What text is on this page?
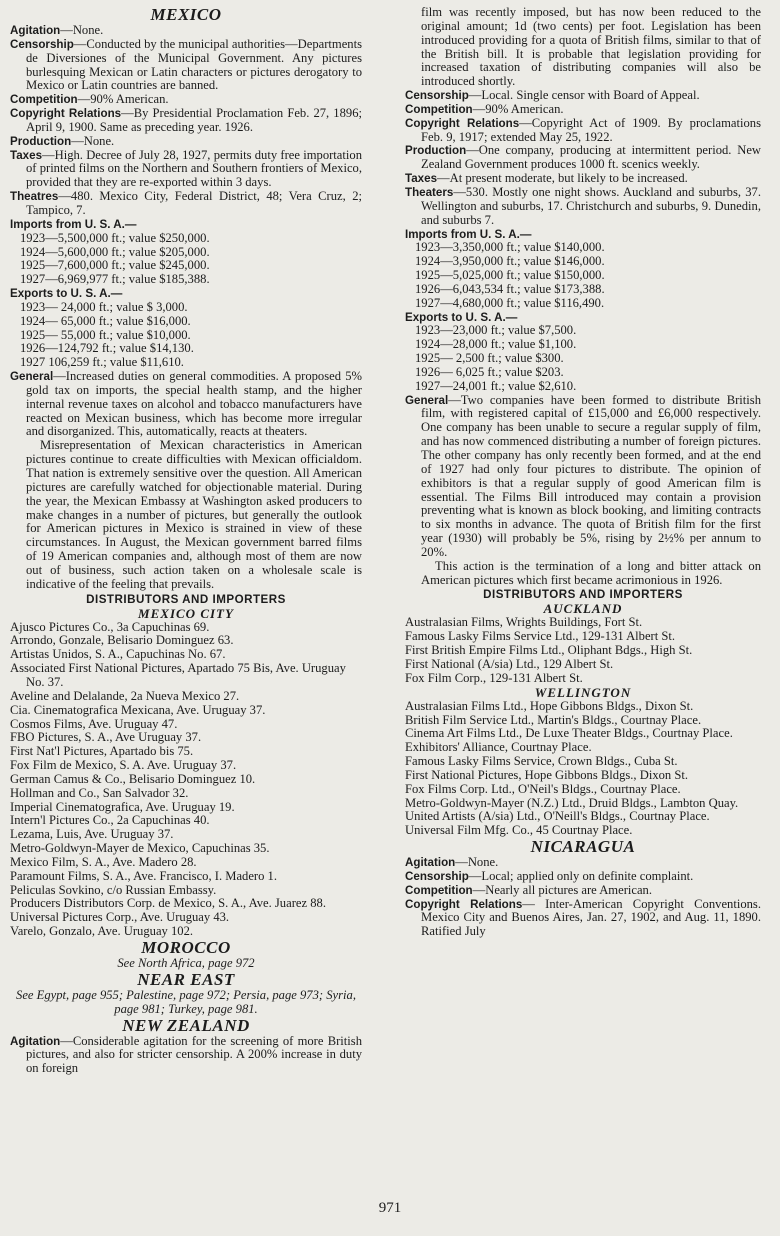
MEXICO

Agitation—None.

Censorship—Conducted by the municipal authorities—Departments de Diversiones of the Municipal Government. Any pictures burlesquing Mexican or Latin characters or pictures derogatory to Mexico or Latin countries are banned.

Competition—90% American.

Copyright Relations—By Presidential Proclamation Feb. 27, 1896; April 9, 1900. Same as preceding year. 1926.

Production—None.

Taxes—High. Decree of July 28, 1927, permits duty free importation of printed films on the Northern and Southern frontiers of Mexico, provided that they are re-exported within 3 days.

Theatres—480. Mexico City, Federal District, 48; Vera Cruz, 2; Tampico, 7.

Imports from U. S. A.—

1923—5,500,000 ft.; value $250,000.

1924—5,600,000 ft.; value $205,000.

1925—7,600,000 ft.; value $245,000.

1927—6,969,977 ft.; value $185,388.

Exports to U. S. A.—

1923— 24,000 ft.; value $ 3,000.

1924— 65,000 ft.; value $16,000.

1925— 55,000 ft.; value $10,000.

1926—124,792 ft.; value $14,130.

1927 106,259 ft.; value $11,610.

General—Increased duties on general commodities. A proposed 5% gold tax on imports, the special health stamp, and the higher internal revenue taxes on alcohol and tobacco manufacturers have reacted on Mexican business, which has become more irregular and disorganized. This, automatically, reacts at theaters.

Misrepresentation of Mexican characteristics in American pictures continue to create difficulties with Mexican officialdom. That nation is extremely sensitive over the question. All American pictures are carefully watched for objectionable material. During the year, the Mexican Embassy at Washington asked producers to make changes in a number of pictures, but generally the outlook for American pictures in Mexico is strained in view of these circumstances. In August, the Mexican government barred films of 19 American companies and, although most of them are now out of business, such action taken on a wholesale scale is indicative of the feeling that prevails.

DISTRIBUTORS AND IMPORTERS
MEXICO CITY

Ajusco Pictures Co., 3a Capuchinas 69.

Arrondo, Gonzale, Belisario Dominguez 63.

Artistas Unidos, S. A., Capuchinas No. 67.

Associated First National Pictures, Apartado 75 Bis, Ave. Uruguay No. 37.

Aveline and Delalande, 2a Nueva Mexico 27.

Cia. Cinematografica Mexicana, Ave. Uruguay 37.

Cosmos Films, Ave. Uruguay 47.

FBO Pictures, S. A., Ave Uruguay 37.

First Nat'l Pictures, Apartado bis 75.

Fox Film de Mexico, S. A. Ave. Uruguay 37.

German Camus & Co., Belisario Dominguez 10.

Hollman and Co., San Salvador 32.

Imperial Cinematografica, Ave. Uruguay 19.

Intern'l Pictures Co., 2a Capuchinas 40.

Lezama, Luis, Ave. Uruguay 37.

Metro-Goldwyn-Mayer de Mexico, Capuchinas 35.

Mexico Film, S. A., Ave. Madero 28.

Paramount Films, S. A., Ave. Francisco, I. Madero 1.

Peliculas Sovkino, c/o Russian Embassy.

Producers Distributors Corp. de Mexico, S. A., Ave. Juarez 88.

Universal Pictures Corp., Ave. Uruguay 43.

Varelo, Gonzalo, Ave. Uruguay 102.

MOROCCO

See North Africa, page 972

NEAR EAST

See Egypt, page 955; Palestine, page 972; Persia, page 973; Syria, page 981; Turkey, page 981.

NEW ZEALAND

Agitation—Considerable agitation for the screening of more British pictures, and also for stricter censorship. A 200% increase in duty on foreign

film was recently imposed, but has now been reduced to the original amount; 1d (two cents) per foot. Legislation has been introduced providing for a quota of British films, similar to that of the British bill. It is probable that legislation providing for increased taxation of distributing companies will also be introduced shortly.

Censorship—Local. Single censor with Board of Appeal.

Competition—90% American.

Copyright Relations—Copyright Act of 1909. By proclamations Feb. 9, 1917; extended May 25, 1922.

Production—One company, producing at intermittent period. New Zealand Government produces 1000 ft. scenics weekly.

Taxes—At present moderate, but likely to be increased.

Theaters—530. Mostly one night shows. Auckland and suburbs, 37. Wellington and suburbs, 17. Christchurch and suburbs, 9. Dunedin, and suburbs 7.

Imports from U. S. A.—

1923—3,350,000 ft.; value $140,000.

1924—3,950,000 ft.; value $146,000.

1925—5,025,000 ft.; value $150,000.

1926—6,043,534 ft.; value $173,388.

1927—4,680,000 ft.; value $116,490.

Exports to U. S. A.—

1923—23,000 ft.; value $7,500.

1924—28,000 ft.; value $1,100.

1925— 2,500 ft.; value $300.

1926— 6,025 ft.; value $203.

1927—24,001 ft.; value $2,610.

General—Two companies have been formed to distribute British film, with registered capital of £15,000 and £6,000 respectively. One company has been unable to secure a regular supply of film, and has now commenced distributing a number of foreign pictures. The other company has only recently been formed, and at the end of 1927 had only four pictures to distribute. The opinion of exhibitors is that a regular supply of good American film is essential. The Films Bill introduced may contain a provision preventing what is known as block booking, and limiting contracts to six months in advance. The quota of British film for the first year (1930) will probably be 5%, rising by 2½% per annum to 20%.

This action is the termination of a long and bitter attack on American pictures which first became acrimonious in 1926.

DISTRIBUTORS AND IMPORTERS
AUCKLAND

Australasian Films, Wrights Buildings, Fort St.

Famous Lasky Films Service Ltd., 129-131 Albert St.

First British Empire Films Ltd., Oliphant Bdgs., High St.

First National (A/sia) Ltd., 129 Albert St.

Fox Film Corp., 129-131 Albert St.

WELLINGTON

Australasian Films Ltd., Hope Gibbons Bldgs., Dixon St.

British Film Service Ltd., Martin's Bldgs., Courtnay Place.

Cinema Art Films Ltd., De Luxe Theater Bldgs., Courtnay Place.

Exhibitors' Alliance, Courtnay Place.

Famous Lasky Films Service, Crown Bldgs., Cuba St.

First National Pictures, Hope Gibbons Bldgs., Dixon St.

Fox Films Corp. Ltd., O'Neil's Bldgs., Courtnay Place.

Metro-Goldwyn-Mayer (N.Z.) Ltd., Druid Bldgs., Lambton Quay.

United Artists (A/sia) Ltd., O'Neill's Bldgs., Courtnay Place.

Universal Film Mfg. Co., 45 Courtnay Place.

NICARAGUA

Agitation—None.

Censorship—Local; applied only on definite complaint.

Competition—Nearly all pictures are American.

Copyright Relations— Inter-American Copyright Conventions. Mexico City and Buenos Aires, Jan. 27, 1902, and Aug. 11, 1890. Ratified July

971
